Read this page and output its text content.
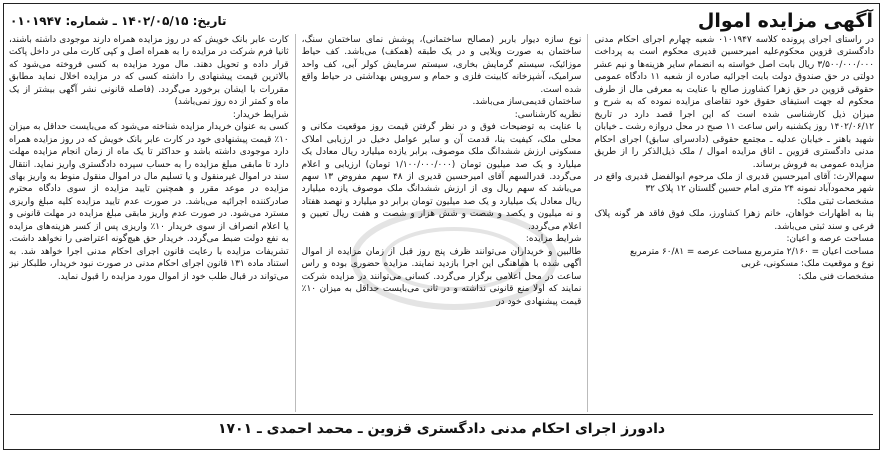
آگهی مزایده اموال
تاریخ: ۱۴۰۲/۰۵/۱۵ ـ شماره: ۰۱۰۱۹۴۷

در راستای اجرای پرونده کلاسه ۰۱۰۱۹۴۷ شعبه چهارم اجرای احکام مدنی دادگستری قزوین محکوم‌علیه امیرحسین قدیری محکوم است به پرداخت ۳/۵۰۰/۰۰۰/۰۰۰ ریال بابت اصل خواسته به انضمام سایر هزینه‌ها و نیم عشر دولتی در حق صندوق دولت بابت اجرائیه صادره از شعبه ۱۱ دادگاه عمومی حقوقی قزوین در حق زهرا کشاورز صالح با عنایت به معرفی مال از طرف محکوم له جهت استیفای حقوق خود تقاضای مزایده نموده که به شرح و میزان ذیل کارشناسی شده است که این اجرا قصد دارد در تاریخ ۱۴۰۲/۰۶/۱۲ روز یکشنبه راس ساعت ۱۱ صبح در محل دروازه رشت ـ خیابان شهید باهنر ـ خیابان عدلیه ـ مجتمع حقوقی (دادسرای سابق) اجرای احکام مدنی دادگستری قزوین ـ اتاق مزایده اموال / ملک ذیل‌الذکر را از طریق مزایده عمومی به فروش برساند.
سهم‌الارث: آقای امیرحسین قدیری از ملک مرحوم ابوالفضل قدیری واقع در شهر محمودآباد نمونه ۲۴ متری امام حسین گلستان ۱۲ پلاک ۳۲
مشخصات ثبتی ملک:
بنا به اظهارات خواهان، خانم زهرا کشاورز، ملک فوق فاقد هر گونه پلاک فرعی و سند ثبتی می‌باشد.
مساحت عرصه و اعیان:
مساحت اعیان = ۲/۱۶۰ مترمربع مساحت عرصه = ۶۰/۸۱ مترمربع
نوع و موقعیت ملک: مسکونی، غربی
مشخصات فنی ملک:

نوع سازه دیوار باربر (مصالح ساختمانی)، پوشش نمای ساختمان سنگ، ساختمان به صورت ویلایی و در یک طبقه (همکف) می‌باشد. کف حیاط موزائیک، سیستم گرمایش بخاری، سیستم سرمایش کولر آبی، کف واحد سرامیک، آشپزخانه کابینت فلزی و حمام و سرویس بهداشتی در حیاط واقع شده است.
ساختمان قدیمی‌ساز می‌باشد.
نظریه کارشناسی:
با عنایت به توضیحات فوق و در نظر گرفتن قیمت روز موقعیت مکانی و محلی ملک، کیفیت بنا، قدمت آن و سایر عوامل دخیل در ارزیابی املاک مسکونی ارزش ششدانگ ملک موصوف، برابر یازده میلیارد ریال معادل یک میلیارد و یک صد میلیون تومان (۱/۱۰۰/۰۰۰/۰۰۰ تومان) ارزیابی و اعلام می‌گردد. قدرالسهم آقای امیرحسین قدیری از ۴۸ سهم مفروض ۱۳ سهم می‌باشد که سهم ریال وی از ارزش ششدانگ ملک موصوف یازده میلیارد ریال معادل یک میلیارد و یک صد میلیون تومان برابر دو میلیارد و نهصد هفتاد و نه میلیون و یکصد و شصت و شش هزار و شصت و هفت ریال تعیین و اعلام می‌گردد.
شرایط مزایده:
طالبین و خریداران می‌توانند ظرف پنج روز قبل از زمان مزایده از اموال آگهی شده با هماهنگی این اجرا بازدید نمایند. مزایده حضوری بوده و راس ساعت در محل اعلامی برگزار می‌گردد. کسانی می‌توانند در مزایده شرکت نمایند که اولا منع قانونی نداشته و در ثانی می‌بایست حداقل به میزان ۱۰٪ قیمت پیشنهادی خود در

کارت عابر بانک خویش که در روز مزایده همراه دارند موجودی داشته باشند، ثانیا فرم شرکت در مزایده را به همراه اصل و کپی کارت ملی در داخل پاکت قرار داده و تحویل دهند. مال مورد مزایده به کسی فروخته می‌شود که بالاترین قیمت پیشنهادی را داشته کسی که در مزایده اخلال نماید مطابق مقررات با ایشان برخورد می‌گردد. (فاصله قانونی نشر آگهی بیشتر از یک ماه و کمتر از ده روز نمی‌باشد)
شرایط خریدار:
کسی به عنوان خریدار مزایده شناخته می‌شود که می‌بایست حداقل به میزان ۱۰٪ قیمت پیشنهادی خود در کارت عابر بانک خویش که در روز مزایده همراه دارد موجودی داشته باشد و حداکثر تا یک ماه از زمان انجام مزایده مهلت دارد تا مابقی مبلغ مزایده را به حساب سپرده دادگستری واریز نماید. انتقال سند در اموال غیرمنقول و یا تسلیم مال در اموال منقول منوط به واریز بهای مزایده در موعد مقرر و همچنین تایید مزایده از سوی دادگاه محترم صادرکننده اجرائیه می‌باشد. در صورت عدم تایید مزایده کلیه مبلغ واریزی مسترد می‌شود. در صورت عدم واریز مابقی مبلغ مزایده در مهلت قانونی و یا اعلام انصراف از سوی خریدار ۱۰٪ واریزی پس از کسر هزینه‌های مزایده به نفع دولت ضبط می‌گردد. خریدار حق هیچ‌گونه اعتراضی را نخواهد داشت. تشریفات مزایده با رعایت قانون اجرای احکام مدنی اجرا خواهد شد. به استناد ماده ۱۳۱ قانون اجرای احکام مدنی در صورت نبود خریدار، طلبکار نیز می‌تواند در قبال طلب خود از اموال مورد مزایده را قبول نماید.

دادورز اجرای احکام مدنی دادگستری قزوین ـ محمد احمدی ـ ۱۷۰۱
